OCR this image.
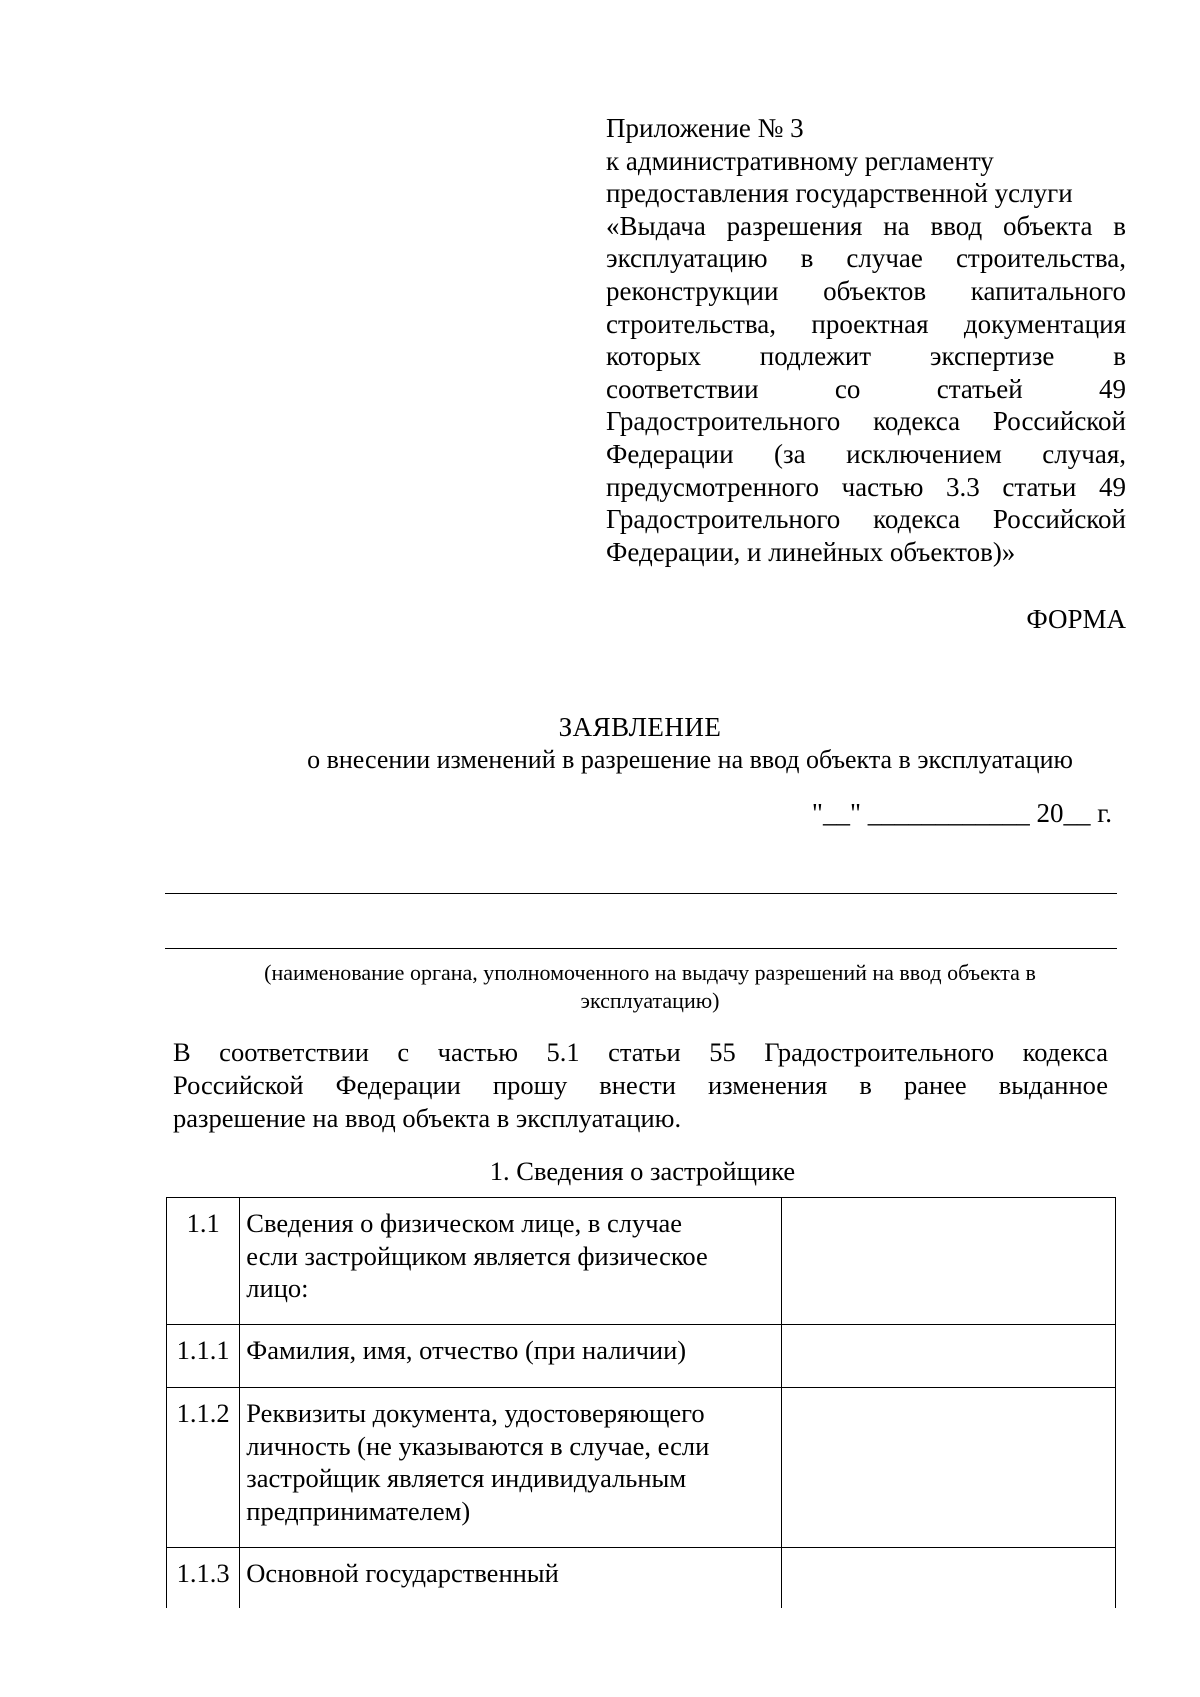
Приложение № 3
к административному регламенту
предоставления государственной услуги
«Выдача разрешения на ввод объекта в
эксплуатацию в случае строительства,
реконструкции объектов капитального
строительства, проектная документация
которых подлежит экспертизе в
соответствии со статьей 49
Градостроительного кодекса Российской
Федерации (за исключением случая,
предусмотренного частью 3.3 статьи 49
Градостроительного кодекса Российской
Федерации, и линейных объектов)»
ФОРМА
ЗАЯВЛЕНИЕ
о внесении изменений в разрешение на ввод объекта в эксплуатацию
"__" ____________ 20__ г.
(наименование органа, уполномоченного на выдачу разрешений на ввод объекта в
эксплуатацию)
В соответствии с частью 5.1 статьи 55 Градостроительного кодекса
Российской Федерации прошу внести изменения в ранее выданное
разрешение на ввод объекта в эксплуатацию.
1. Сведения о застройщике
1.1	Сведения о физическом лице, в случае
если застройщиком является физическое
лицо:	

1.1.1	Фамилия, имя, отчество (при наличии)	

1.1.2	Реквизиты документа, удостоверяющего
личность (не указываются в случае, если
застройщик является индивидуальным
предпринимателем)	

1.1.3	Основной государственный	
